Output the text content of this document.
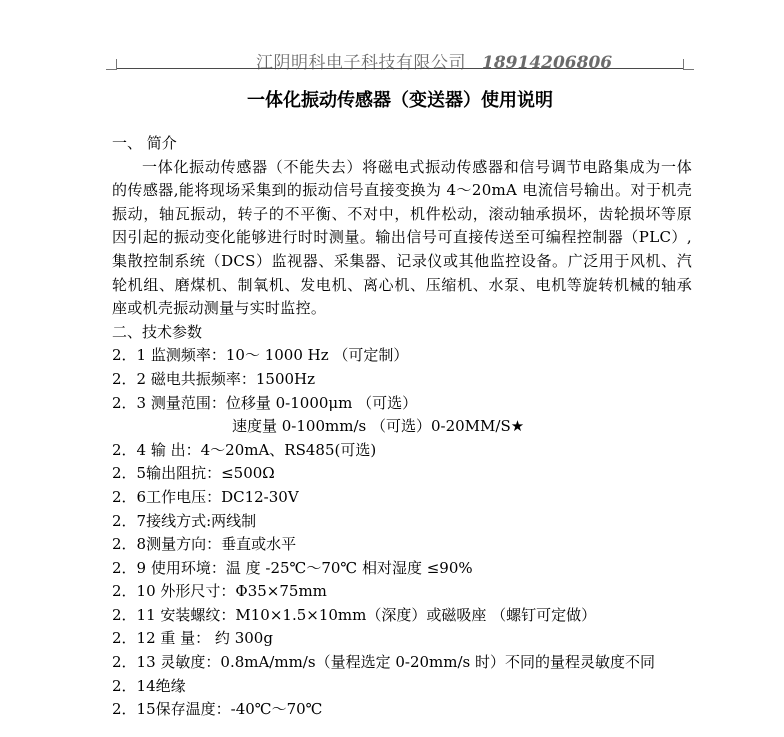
江阴明科电子科技有限公司 18914206806
一体化振动传感器（变送器）使用说明
一、 简介
一体化振动传感器（不能失去）将磁电式振动传感器和信号调节电路集成为一体的传感器,能将现场采集到的振动信号直接变换为 4～20mA 电流信号输出。对于机壳振动，轴瓦振动，转子的不平衡、不对中，机件松动，滚动轴承损坏，齿轮损坏等原因引起的振动变化能够进行时时测量。输出信号可直接传送至可编程控制器（PLC）,集散控制系统（DCS）监视器、采集器、记录仪或其他监控设备。广泛用于风机、汽轮机组、磨煤机、制氧机、发电机、离心机、压缩机、水泵、电机等旋转机械的轴承座或机壳振动测量与实时监控。
二、技术参数
2．1 监测频率：10～ 1000 Hz （可定制）
2．2 磁电共振频率：1500Hz
2．3 测量范围：位移量 0-1000μm （可选）
速度量 0-100mm/s （可选）0-20MM/S★
2．4 输 出：4～20mA、RS485(可选)
2．5输出阻抗：≤500Ω
2．6工作电压：DC12-30V
2．7接线方式:两线制
2．8测量方向：垂直或水平
2．9 使用环境：温 度 -25℃～70℃ 相对湿度 ≤90%
2．10 外形尺寸：Φ35×75mm
2．11 安装螺纹：M10×1.5×10mm（深度）或磁吸座 （螺钉可定做）
2．12 重 量： 约 300g
2．13 灵敏度：0.8mA/mm/s（量程选定 0-20mm/s 时）不同的量程灵敏度不同
2．14绝缘
2．15保存温度：-40℃～70℃
